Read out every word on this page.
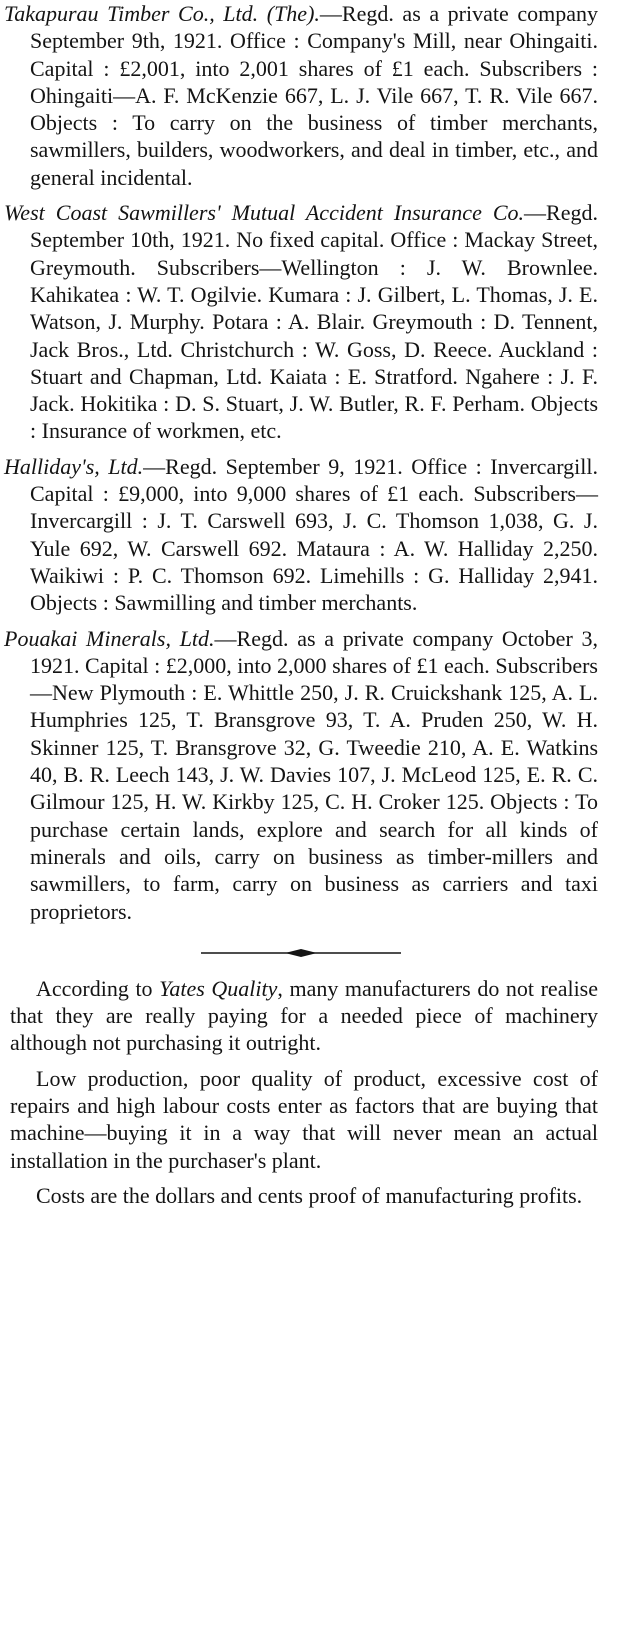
Takapurau Timber Co., Ltd. (The).—Regd. as a private company September 9th, 1921. Office : Company's Mill, near Ohingaiti. Capital : £2,001, into 2,001 shares of £1 each. Subscribers : Ohingaiti—A. F. McKenzie 667, L. J. Vile 667, T. R. Vile 667. Objects : To carry on the business of timber merchants, sawmillers, builders, woodworkers, and deal in timber, etc., and general incidental.

West Coast Sawmillers' Mutual Accident Insurance Co.—Regd. September 10th, 1921. No fixed capital. Office : Mackay Street, Greymouth. Subscribers—Wellington : J. W. Brownlee. Kahikatea : W. T. Ogilvie. Kumara : J. Gilbert, L. Thomas, J. E. Watson, J. Murphy. Potara : A. Blair. Greymouth : D. Tennent, Jack Bros., Ltd. Christchurch : W. Goss, D. Reece. Auckland : Stuart and Chapman, Ltd. Kaiata : E. Stratford. Ngahere : J. F. Jack. Hokitika : D. S. Stuart, J. W. Butler, R. F. Perham. Objects : Insurance of workmen, etc.

Halliday's, Ltd.—Regd. September 9, 1921. Office : Invercargill. Capital : £9,000, into 9,000 shares of £1 each. Subscribers—Invercargill : J. T. Carswell 693, J. C. Thomson 1,038, G. J. Yule 692, W. Carswell 692. Mataura : A. W. Halliday 2,250. Waikiwi : P. C. Thomson 692. Limehills : G. Halliday 2,941. Objects : Sawmilling and timber merchants.

Pouakai Minerals, Ltd.—Regd. as a private company October 3, 1921. Capital : £2,000, into 2,000 shares of £1 each. Subscribers—New Plymouth : E. Whittle 250, J. R. Cruickshank 125, A. L. Humphries 125, T. Bransgrove 93, T. A. Pruden 250, W. H. Skinner 125, T. Bransgrove 32, G. Tweedie 210, A. E. Watkins 40, B. R. Leech 143, J. W. Davies 107, J. McLeod 125, E. R. C. Gilmour 125, H. W. Kirkby 125, C. H. Croker 125. Objects : To purchase certain lands, explore and search for all kinds of minerals and oils, carry on business as timber-millers and sawmillers, to farm, carry on business as carriers and taxi proprietors.

According to Yates Quality, many manufacturers do not realise that they are really paying for a needed piece of machinery although not purchasing it outright.

Low production, poor quality of product, excessive cost of repairs and high labour costs enter as factors that are buying that machine—buying it in a way that will never mean an actual installation in the purchaser's plant.

Costs are the dollars and cents proof of manufacturing profits.
